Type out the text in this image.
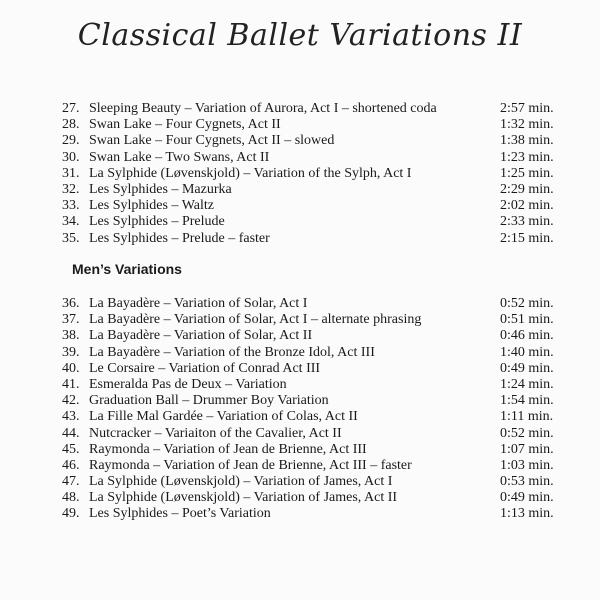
Classical Ballet Variations II
27. Sleeping Beauty – Variation of Aurora, Act I – shortened coda	2:57 min.
28. Swan Lake – Four Cygnets, Act II	1:32 min.
29. Swan Lake – Four Cygnets, Act II – slowed	1:38 min.
30. Swan Lake – Two Swans, Act II	1:23 min.
31. La Sylphide (Løvenskjold) – Variation of the Sylph, Act I	1:25 min.
32. Les Sylphides – Mazurka	2:29 min.
33. Les Sylphides – Waltz	2:02 min.
34. Les Sylphides – Prelude	2:33 min.
35. Les Sylphides – Prelude – faster	2:15 min.
Men’s Variations
36. La Bayadère – Variation of Solar, Act I	0:52 min.
37. La Bayadère – Variation of Solar, Act I – alternate phrasing	0:51 min.
38. La Bayadère – Variation of Solar, Act II	0:46 min.
39. La Bayadère – Variation of the Bronze Idol, Act III	1:40 min.
40. Le Corsaire – Variation of Conrad Act III	0:49 min.
41. Esmeralda Pas de Deux – Variation	1:24 min.
42. Graduation Ball – Drummer Boy Variation	1:54 min.
43. La Fille Mal Gardée – Variation of Colas, Act II	1:11 min.
44. Nutcracker – Variaiton of the Cavalier, Act II	0:52 min.
45. Raymonda – Variation of Jean de Brienne, Act III	1:07 min.
46. Raymonda – Variation of Jean de Brienne, Act III – faster	1:03 min.
47. La Sylphide (Løvenskjold) – Variation of James, Act I	0:53 min.
48. La Sylphide (Løvenskjold) – Variation of James, Act II	0:49 min.
49. Les Sylphides – Poet’s Variation	1:13 min.
